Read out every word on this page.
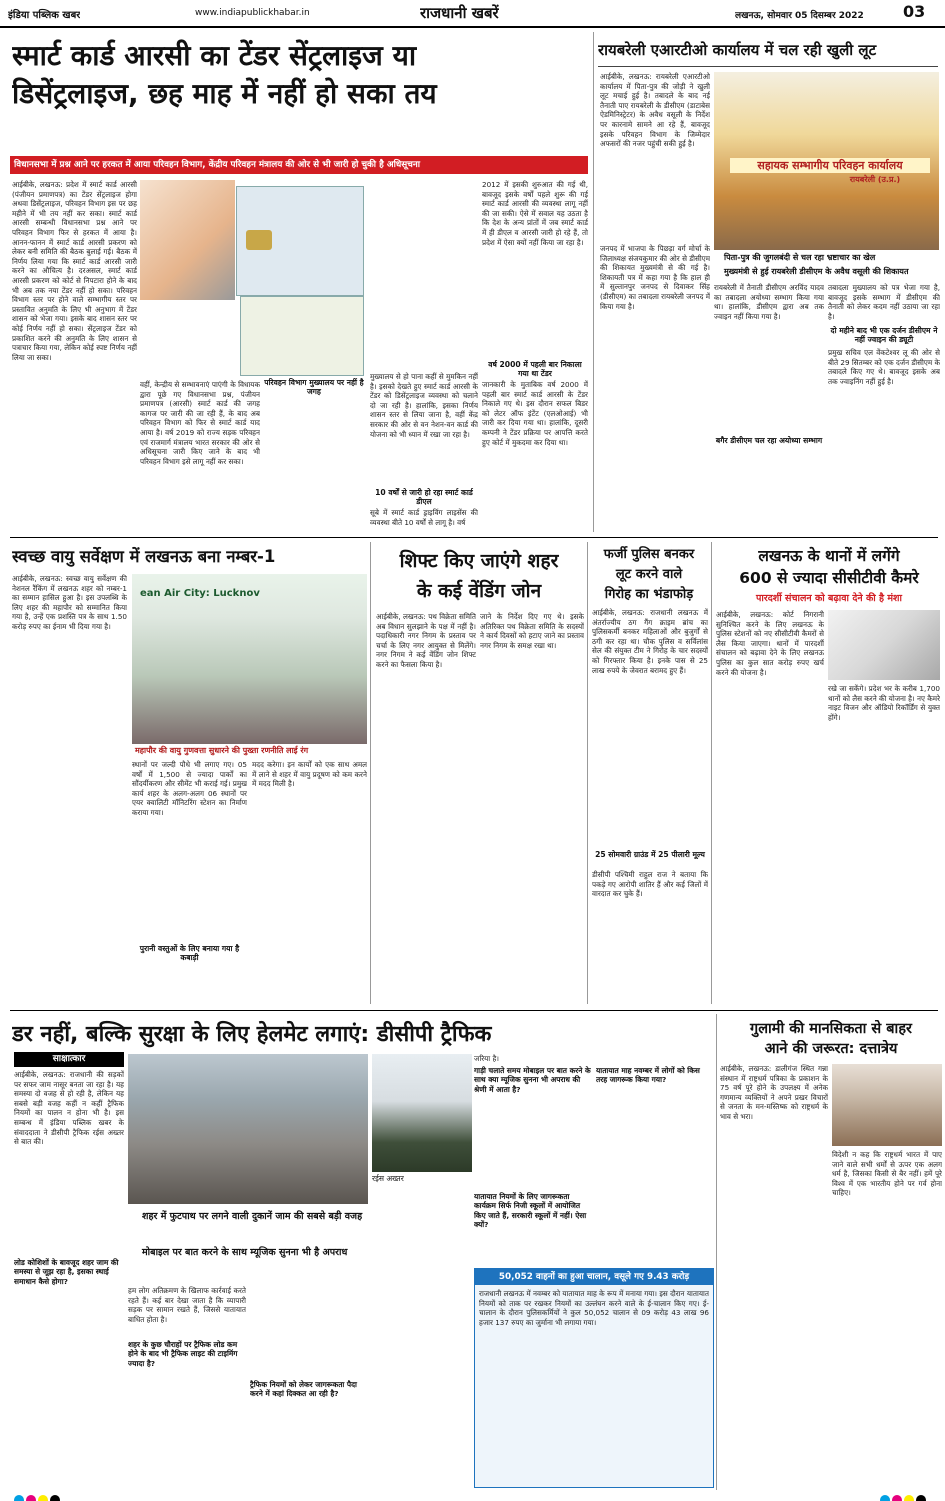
इंडिया पब्लिक खबर	www.indiapublickhabar.in	राजधानी खबरें	लखनऊ, सोमवार 05 दिसम्बर 2022 03
स्मार्ट कार्ड आरसी का टेंडर सेंट्रलाइज या
डिसेंट्रलाइज, छह माह में नहीं हो सका तय
विधानसभा में प्रश्न आने पर हरकत में आया परिवहन विभाग, केंद्रीय परिवहन मंत्रालय की ओर से भी जारी हो चुकी है अधिसूचना
आईबीके, लखनऊ: प्रदेश में स्मार्ट कार्ड आरसी (पंजीयन प्रमाणपत्र) का टेंडर सेंट्रलाइज होगा अथवा डिसेंट्रलाइज, परिवहन विभाग इस पर छह महीने में भी तय नहीं कर सका। स्मार्ट कार्ड आरसी सम्बन्धी विधानसभा प्रश्न आने पर परिवहन विभाग फिर से हरकत में आया है। आनन-फानन में स्मार्ट कार्ड आरसी प्रकरण को लेकर बनी समिति की बैठक बुलाई गई। बैठक में निर्णय लिया गया कि स्मार्ट कार्ड आरसी जारी करने का औचित्य है। दरअसल, स्मार्ट कार्ड आरसी प्रकरण को कोर्ट से निपटारा होने के बाद भी अब तक नया टेंडर नहीं हो सका। परिवहन विभाग स्तर पर होने वाले सम्भागीय स्तर पर प्रस्तावित अनुमति के लिए भी अनुभाग में टेंडर शासन को भेजा गया। इसके बाद शासन स्तर पर कोई निर्णय नहीं हो सका। सेंट्रलाइज टेंडर को प्रकाशित करने की अनुमति के लिए शासन से पत्राचार किया गया, लेकिन कोई स्पष्ट निर्णय नहीं लिया जा सका।
वहीं, केन्द्रीय से सम्भावनाएं पाएंगी के विधायक द्वारा पूछे गए विधानसभा प्रश्न, पंजीयन प्रमाणपत्र (आरसी) स्मार्ट कार्ड की जगह कागज पर जारी की जा रही हैं, के बाद अब परिवहन विभाग को फिर से स्मार्ट कार्ड याद आया है। वर्ष 2019 को राज्य सड़क परिवहन एवं राजमार्ग मंत्रालय भारत सरकार की ओर से अधिसूचना जारी किए जाने के बाद भी परिवहन विभाग इसे लागू नहीं कर सका।
मुख्यालय से हो पाना कहीं से मुमकिन नहीं है। इसको देखते हुए स्मार्ट कार्ड आरसी के टेंडर को डिसेंट्रलाइज व्यवस्था को चलाने दो जा रही है। हालांकि, इसका निर्णय शासन स्तर से लिया जाना है, वहीं केंद्र सरकार की ओर से वन नेशन-वन कार्ड की योजना को भी ध्यान में रखा जा रहा है।
परिवहन विभाग मुख्यालय पर नहीं है जगह
10 वर्षों से जारी हो रहा स्मार्ट कार्ड डीएल
सूबे में स्मार्ट कार्ड ड्राइविंग लाइसेंस की व्यवस्था बीते 10 वर्षों से लागू है। वर्ष
2012 में इसकी शुरुआत की गई थी, बावजूद इसके वर्षों पहले शुरू की गई स्मार्ट कार्ड आरसी की व्यवस्था लागू नहीं की जा सकी। ऐसे में सवाल यह उठता है कि देश के अन्य प्रांतों में जब स्मार्ट कार्ड में ही डीएल व आरसी जारी हो रहे हैं, तो प्रदेश में ऐसा क्यों नहीं किया जा रहा है।
वर्ष 2000 में पहली बार निकाला गया था टेंडर
जानकारी के मुताबिक वर्ष 2000 में पहली बार स्मार्ट कार्ड आरसी के टेंडर निकाले गए थे। इस दौरान सफल बिडर को लेटर ऑफ इंटेंट (एलओआई) भी जारी कर दिया गया था। हालांकि, दूसरी कम्पनी ने टेंडर प्रक्रिया पर आपत्ति करते हुए कोर्ट में मुकदमा कर दिया था।
रायबरेली एआरटीओ कार्यालय में चल रही खुली लूट
आईबीके, लखनऊ: रायबरेली एआरटीओ कार्यालय में पिता-पुत्र की जोड़ी ने खुली लूट मचाई हुई है। तबादले के बाद नई तैनाती पाए रायबरेली के डीसीएम (डाटाबेस ऐडमिनिस्ट्रेटर) के अवैध वसूली के निर्देश पर कारनामे सामने आ रहे हैं, बावजूद इसके परिवहन विभाग के जिम्मेदार अफसरों की नजर पहुंची सकी हुई है।
सहायक सम्भागीय परिवहन कार्यालय
रायबरेली (उ.प्र.)
पिता-पुत्र की जुगलबंदी से चल रहा भ्रष्टाचार का खेल
मुख्यमंत्री से हुई रायबरेली डीसीएम के अवैध वसूली की शिकायत
जनपद में भाजपा के पिछड़ा वर्ग मोर्चा के जिलाध्यक्ष संजयकुमार की ओर से डीसीएम की शिकायत मुख्यमंत्री से की गई है। शिकायती पत्र में कहा गया है कि हाल ही में सुल्तानपुर जनपद से दिवाकर सिंह (डीसीएम) का तबादला रायबरेली जनपद में किया गया है।
रायबरेली में तैनाती डीसीएम अरविंद यादव का तबादला अयोध्या सम्भाग किया गया था। हालांकि, डीसीएम द्वारा अब तक ज्वाइन नहीं किया गया है।
बगैर डीसीएम चल रहा अयोध्या सम्भाग
तबादला मुख्यालय को पत्र भेजा गया है, बावजूद इसके सम्भाग में डीसीएम की तैनाती को लेकर कदम नहीं उठाया जा रहा है।
दो महीने बाद भी एक दर्जन डीसीएम ने नहीं ज्वाइन की ड्यूटी
प्रमुख सचिव एल वेंकटेश्वर लू की ओर से बीते 29 सितम्बर को एक दर्जन डीसीएम के तबादले किए गए थे। बावजूद इसके अब तक ज्वाइनिंग नहीं हुई है।
स्वच्छ वायु सर्वेक्षण में लखनऊ बना नम्बर-1
आईबीके, लखनऊ: स्वच्छ वायु सर्वेक्षण की नेशनल रैंकिंग में लखनऊ शहर को नम्बर-1 का सम्मान हासिल हुआ है। इस उपलब्धि के लिए शहर की महापौर को सम्मानित किया गया है, उन्हें एक प्रशस्ति पत्र के साथ 1.50 करोड़ रुपए का ईनाम भी दिया गया है।
ean Air City: Lucknov
महापौर की वायु गुणवत्ता सुधारने की पुख्ता रणनीति लाई रंग
स्थानों पर जल्दी पौधे भी लगाए गए। 05 वर्षों में 1,500 से ज्यादा पार्कों का सौंदर्यीकरण और सीमेंट भी कराई गई। प्रमुख कार्य शहर के अलग-अलग 06 स्थानों पर एयर क्वालिटी मॉनिटरिंग स्टेशन का निर्माण कराया गया।
पुरानी वस्तुओं के लिए बनाया गया है कबाड़ी
मदद करेगा। इन कार्यों को एक साथ अमल में लाने से शहर में वायु प्रदूषण को कम करने में मदद मिली है।
शिफ्ट किए जाएंगे शहर
के कई वेंडिंग जोन
आईबीके, लखनऊ: पथ विक्रेता समिति अब विधान सुलझाने के पक्ष में नहीं है। पदाधिकारी नगर निगम के प्रस्ताव पर चर्चा के लिए नगर आयुक्त से मिलेंगे। नगर निगम ने कई वेंडिंग जोन शिफ्ट करने का फैसला किया है।
जाने के निर्देश दिए गए थे। इसके अतिरिक्त पथ विक्रेता समिति के सदस्यों ने कार्य दिवसों को हटाए जाने का प्रस्ताव नगर निगम के समक्ष रखा था।
फर्जी पुलिस बनकर
लूट करने वाले
गिरोह का भंडाफोड़
आईबीके, लखनऊ: राजधानी लखनऊ में अंतर्राज्यीय ठग गैंग क्राइम ब्रांच का पुलिसकर्मी बनकर महिलाओं और बुजुर्गों से ठगी कर रहा था। चौक पुलिस व सर्विलांस सेल की संयुक्त टीम ने गिरोह के चार सदस्यों को गिरफ्तार किया है। इनके पास से 25 लाख रुपये के जेवरात बरामद हुए हैं।
25 सोमवारी ग्राउंड में 25 पीलारी मूल्य
डीसीपी पश्चिमी राहुल राज ने बताया कि पकड़े गए आरोपी शातिर हैं और कई जिलों में वारदात कर चुके हैं।
लखनऊ के थानों में लगेंगे
600 से ज्यादा सीसीटीवी कैमरे
पारदर्शी संचालन को बढ़ावा देने की है मंशा
आईबीके, लखनऊ: कोर्ट निगरानी सुनिश्चित करने के लिए लखनऊ के पुलिस स्टेशनों को नए सीसीटीवी कैमरों से लैस किया जाएगा। थानों में पारदर्शी संचालन को बढ़ावा देने के लिए लखनऊ पुलिस का कुल सात करोड़ रुपए खर्च करने की योजना है।
रखे जा सकेंगे। प्रदेश भर के करीब 1,700 थानों को लैस करने की योजना है। नए कैमरे नाइट विजन और ऑडियो रिकॉर्डिंग से युक्त होंगे।
डर नहीं, बल्कि सुरक्षा के लिए हेलमेट लगाएं: डीसीपी ट्रैफिक
साक्षात्कार
आईबीके, लखनऊ: राजधानी की सड़कों पर सफर जाम नासूर बनता जा रहा है। यह समस्या दो वजह से हो रही है, लेकिन यह सबसे बड़ी वजह कहीं न कहीं ट्रैफिक नियमों का पालन न होना भी है। इस सम्बन्ध में इंडिया पब्लिक खबर के संवाददाता ने डीसीपी ट्रैफिक रईस अख्तर से बात की।
लोड कोशिशों के बावजूद शहर जाम की समस्या से जूझ रहा है, इसका स्थाई समाधान कैसे होगा?
शहर में फुटपाथ पर लगने वाली दुकानें जाम की सबसे बड़ी वजह
मोबाइल पर बात करने के साथ म्यूजिक सुनना भी है अपराध
रईस अख्तर
हम लोग अतिक्रमण के खिलाफ कार्रवाई करते रहते हैं। कई बार देखा जाता है कि व्यापारी सड़क पर सामान रखते हैं, जिससे यातायात बाधित होता है।
शहर के कुछ चौराहों पर ट्रैफिक लोड कम होने के बाद भी ट्रैफिक लाइट की टाइमिंग ज्यादा है?
ट्रैफिक नियमों को लेकर जागरूकता पैदा करने में कहां दिक्कत आ रही है?
जरिया है।
गाड़ी चलाते समय मोबाइल पर बात करने के साथ क्या म्यूजिक सुनना भी अपराध की श्रेणी में आता है?
यातायात नियमों के लिए जागरूकता कार्यक्रम सिर्फ निजी स्कूलों में आयोजित किए जाते हैं, सरकारी स्कूलों में नहीं। ऐसा क्यों?
यातायात माह नवम्बर में लोगों को किस तरह जागरूक किया गया?
50,052 वाहनों का हुआ चालान, वसूले गए 9.43 करोड़
राजधानी लखनऊ में नवम्बर को यातायात माह के रूप में मनाया गया। इस दौरान यातायात नियमों को ताक पर रखकर नियमों का उल्लंघन करने वाले के ई-चालान किए गए। ई-चालान के दौरान पुलिसकर्मियों ने कुल 50,052 चालान से 09 करोड़ 43 लाख 96 हजार 137 रुपए का जुर्माना भी लगाया गया।
गुलामी की मानसिकता से बाहर
आने की जरूरत: दत्तात्रेय
आईबीके, लखनऊ: डालीगंज स्थित गन्ना संस्थान में राष्ट्रधर्म पत्रिका के प्रकाशन के 75 वर्ष पूरे होने के उपलक्ष्य में अनेक गणमान्य व्यक्तियों ने अपने प्रखर विचारों से जनता के मन-मस्तिष्क को राष्ट्रधर्म के भाव से भरा।
विदेशी न कह कि राष्ट्रधर्म भारत में पाए जाने वाले सभी धर्मों से ऊपर एक अलग धर्म है, जिसका किसी से बैर नहीं। हमें पूरे विश्व में एक भारतीय होने पर गर्व होना चाहिए।
